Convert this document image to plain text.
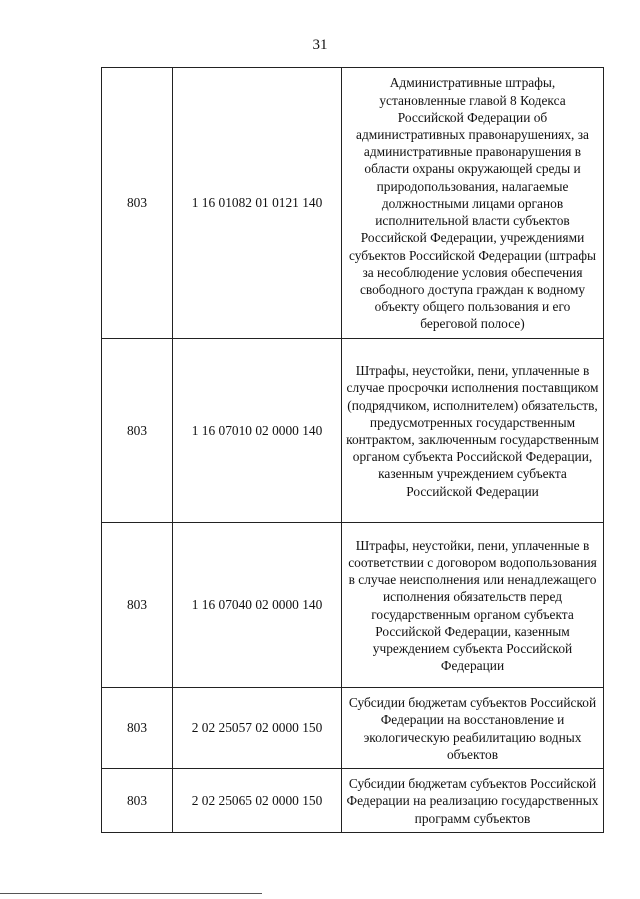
31
803	1 16 01082 01 0121 140	Административные штрафы, установленные главой 8 Кодекса Российской Федерации об административных правонарушениях, за административные правонарушения в области охраны окружающей среды и природопользования, налагаемые должностными лицами органов исполнительной власти субъектов Российской Федерации, учреждениями субъектов Российской Федерации (штрафы за несоблюдение условия обеспечения свободного доступа граждан к водному объекту общего пользования и его береговой полосе)

803	1 16 07010 02 0000 140	Штрафы, неустойки, пени, уплаченные в случае просрочки исполнения поставщиком (подрядчиком, исполнителем) обязательств, предусмотренных государственным контрактом, заключенным государственным органом субъекта Российской Федерации, казенным учреждением субъекта Российской Федерации

803	1 16 07040 02 0000 140	Штрафы, неустойки, пени, уплаченные в соответствии с договором водопользования в случае неисполнения или ненадлежащего исполнения обязательств перед государственным органом субъекта Российской Федерации, казенным учреждением субъекта Российской Федерации

803	2 02 25057 02 0000 150	Субсидии бюджетам субъектов Российской Федерации на восстановление и экологическую реабилитацию водных объектов

803	2 02 25065 02 0000 150	Субсидии бюджетам субъектов Российской Федерации на реализацию государственных программ субъектов
